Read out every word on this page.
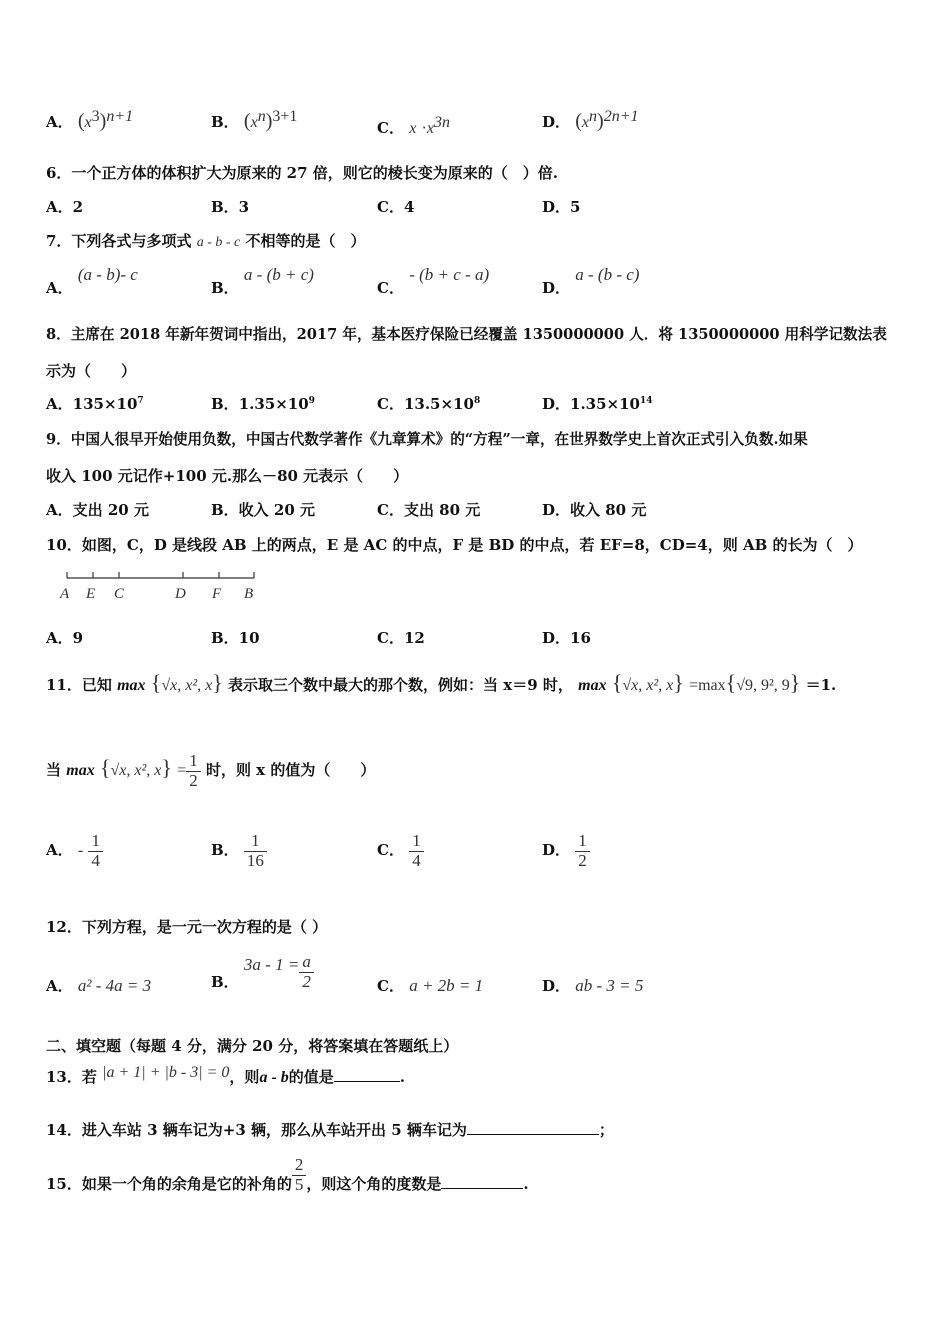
A． $(x^3)^{n+1}$	B． $(x^n)^{3+1}$
C． $x \cdot x^{3n}$	D． $(x^n)^{2n+1}$
6．一个正方体的体积扩大为原来的 27 倍，则它的棱长变为原来的（　）倍.
A．2	B．3	C．4	D．5
7．下列各式与多项式 a - b - c 不相等的是（　）
A． (a - b)- c
B． a - (b + c)
C． - (b + c - a)
D． a - (b - c)
8．主席在 2018 年新年贺词中指出，2017 年，基本医疗保险已经覆盖 1350000000 人．将 1350000000 用科学记数法表
示为（　　）
A．$135\times 10^7$	B．$1.35\times 10^9$	C．$13.5\times 10^8$	D．$1.35\times 10^{14}$
9．中国人很早开始使用负数，中国古代数学著作《九章算术》的“方程”一章，在世界数学史上首次正式引入负数.如果
收入 100 元记作+100 元.那么－80 元表示（　　）
A．支出 20 元	B．收入 20 元	C．支出 80 元	D．收入 80 元
10．如图，C，D 是线段 AB 上的两点，E 是 AC 的中点，F 是 BD 的中点，若 EF=8，CD=4，则 AB 的长为（　）
A E C	D F B
A．9	B．10	C．12	D．16
11．已知 max {√x, x², x} 表示取三个数中最大的那个数，例如：当 x＝9 时， max {√x, x², x} =max{√9, 9², 9} ＝1.
当 max {√x, x², $x\} = \frac{1}{2}$ 时，则 x 的值为（　　）
A． - $\frac{1}{4}$	B． $\frac{1}{16}$	C． $\frac{1}{4}$	D． $\frac{1}{2}$
12．下列方程，是一元一次方程的是（ ）
A． a² - 4a = 3	B． $3a - 1 = \frac{a}{2}$	C． a + 2b = 1	D． ab - 3 = 5
二、填空题（每题 4 分，满分 20 分，将答案填在答题纸上）
13．若 |a + 1| + |b - 3| = 0，则a - b的值是	.
14．进入车站 3 辆车记为+3 辆，那么从车站开出 5 辆车记为	；
15．如果一个角的余角是它的补角的 $\frac{2}{5}$ ，则这个角的度数是	.
